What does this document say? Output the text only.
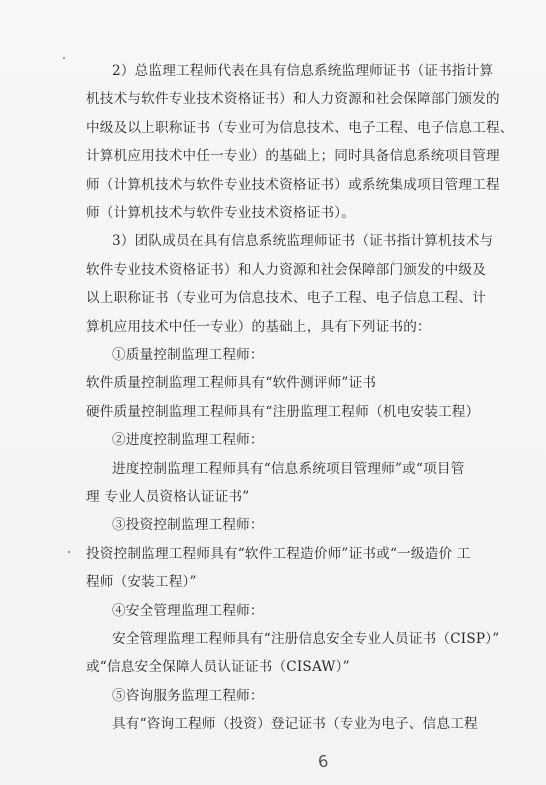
2）总监理工程师代表在具有信息系统监理师证书（证书指计算
机技术与软件专业技术资格证书）和人力资源和社会保障部门颁发的
中级及以上职称证书（专业可为信息技术、电子工程、电子信息工程、
计算机应用技术中任一专业）的基础上；同时具备信息系统项目管理
师（计算机技术与软件专业技术资格证书）或系统集成项目管理工程
师（计算机技术与软件专业技术资格证书）。
3）团队成员在具有信息系统监理师证书（证书指计算机技术与
软件专业技术资格证书）和人力资源和社会保障部门颁发的中级及
以上职称证书（专业可为信息技术、电子工程、电子信息工程、计
算机应用技术中任一专业）的基础上，具有下列证书的：
①质量控制监理工程师：
软件质量控制监理工程师具有“软件测评师”证书
硬件质量控制监理工程师具有“注册监理工程师（机电安装工程）
②进度控制监理工程师：
进度控制监理工程师具有“信息系统项目管理师”或“项目管
理 专业人员资格认证证书”
③投资控制监理工程师：
投资控制监理工程师具有“软件工程造价师”证书或“一级造价 工
程师（安装工程）”
④安全管理监理工程师：
安全管理监理工程师具有“注册信息安全专业人员证书（CISP）”
或“信息安全保障人员认证证书（CISAW）”
⑤咨询服务监理工程师：
具有“咨询工程师（投资）登记证书（专业为电子、信息工程
6
